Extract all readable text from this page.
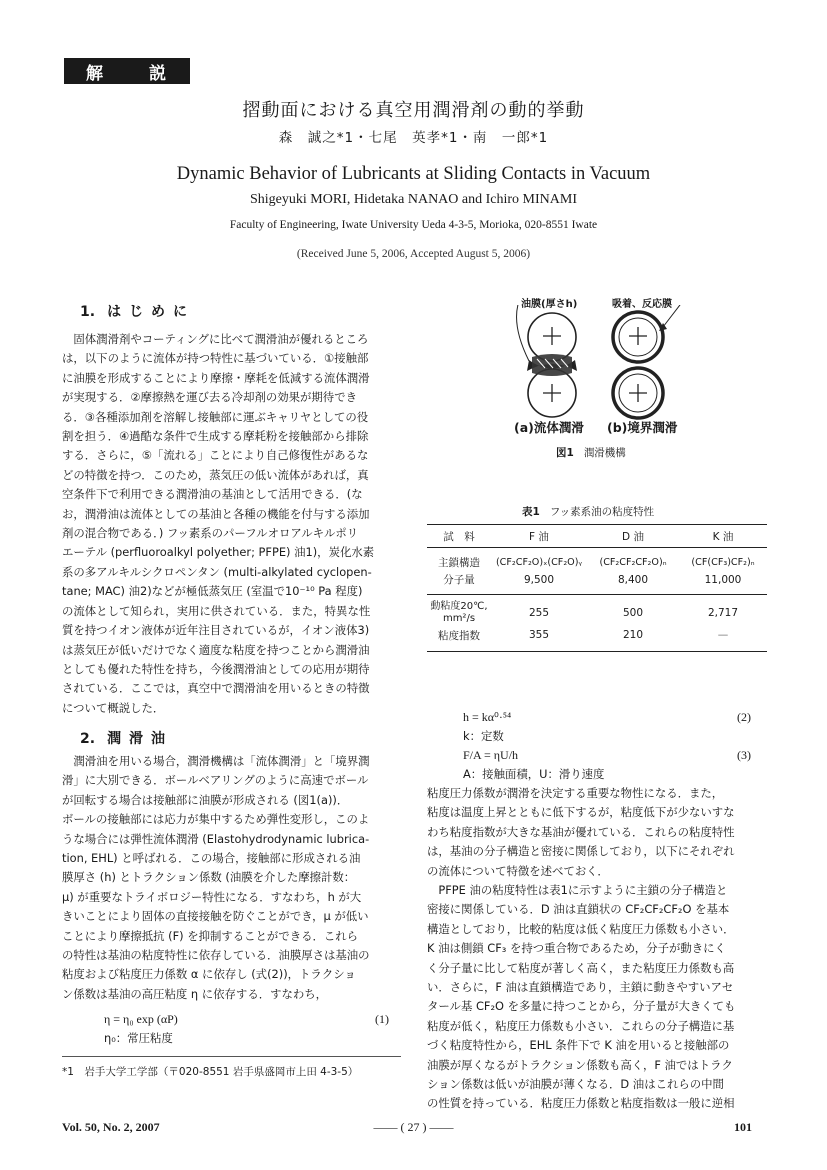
解	説
摺動面における真空用潤滑剤の動的挙動
森　誠之*1・七尾　英孝*1・南　一郎*1
Dynamic Behavior of Lubricants at Sliding Contacts in Vacuum
Shigeyuki MORI, Hidetaka NANAO and Ichiro MINAMI
Faculty of Engineering, Iwate University Ueda 4-3-5, Morioka, 020-8551 Iwate
(Received June 5, 2006, Accepted August 5, 2006)
1. はじめに
固体潤滑剤やコーティングに比べて潤滑油が優れるところ
は，以下のように流体が持つ特性に基づいている．①接触部
に油膜を形成することにより摩擦・摩耗を低減する流体潤滑
が実現する．②摩擦熱を運び去る冷却剤の効果が期待でき
る．③各種添加剤を溶解し接触部に運ぶキャリヤとしての役
割を担う．④過酷な条件で生成する摩耗粉を接触部から排除
する．さらに，⑤「流れる」ことにより自己修復性があるな
どの特徴を持つ．このため，蒸気圧の低い流体があれば，真
空条件下で利用できる潤滑油の基油として活用できる．(な
お，潤滑油は流体としての基油と各種の機能を付与する添加
剤の混合物である．) フッ素系のパーフルオロアルキルポリ
エーテル (perfluoroalkyl polyether; PFPE) 油1)，炭化水素
系の多アルキルシクロペンタン (multi-alkylated cyclopen-
tane; MAC) 油2)などが極低蒸気圧 (室温で10⁻¹⁰ Pa 程度)
の流体として知られ，実用に供されている．また，特異な性
質を持つイオン液体が近年注目されているが，イオン液体3)
は蒸気圧が低いだけでなく適度な粘度を持つことから潤滑油
としても優れた特性を持ち，今後潤滑油としての応用が期待
されている．ここでは，真空中で潤滑油を用いるときの特徴
について概説した．
2. 潤滑油
潤滑油を用いる場合，潤滑機構は「流体潤滑」と「境界潤
滑」に大別できる．ボールベアリングのように高速でボール
が回転する場合は接触部に油膜が形成される (図1(a))．
ボールの接触部には応力が集中するため弾性変形し，このよ
うな場合には弾性流体潤滑 (Elastohydrodynamic lubrica-
tion, EHL) と呼ばれる．この場合，接触部に形成される油
膜厚さ (h) とトラクション係数 (油膜を介した摩擦計数：
μ) が重要なトライボロジー特性になる．すなわち，h が大
きいことにより固体の直接接触を防ぐことができ，μ が低い
ことにより摩擦抵抗 (F) を抑制することができる．これら
の特性は基油の粘度特性に依存している．油膜厚さは基油の
粘度および粘度圧力係数 α に依存し (式(2))，トラクショ
ン係数は基油の高圧粘度 η に依存する．すなわち，
η = η₀ exp (αP)	(1)
η₀：常圧粘度
*1　岩手大学工学部（〒020-8551 岩手県盛岡市上田 4-3-5）
油膜(厚さh)	吸着、反応膜
(a)流体潤滑 (b)境界潤滑
図1 潤滑機構
表1 フッ素系油の粘度特性
試　料	F 油	D 油	K 油
主鎖構造	(CF₂CF₂O)ₓ(CF₂O)ᵧ	(CF₂CF₂CF₂O)ₙ	(CF(CF₃)CF₂)ₙ
分子量	9,500	8,400	11,000
動粘度20℃, mm²/s	255	500	2,717
粘度指数	355	210	—
h = kα⁰·⁵⁴	(2)
k：定数
F/A = ηU/h	(3)
A：接触面積，U：滑り速度
粘度圧力係数が潤滑を決定する重要な物性になる．また，
粘度は温度上昇とともに低下するが，粘度低下が少ないすな
わち粘度指数が大きな基油が優れている．これらの粘度特性
は，基油の分子構造と密接に関係しており，以下にそれぞれ
の流体について特徴を述べておく．
PFPE 油の粘度特性は表1に示すように主鎖の分子構造と
密接に関係している．D 油は直鎖状の CF₂CF₂CF₂O を基本
構造としており，比較的粘度は低く粘度圧力係数も小さい．
K 油は側鎖 CF₃ を持つ重合物であるため，分子が動きにく
く分子量に比して粘度が著しく高く，また粘度圧力係数も高
い．さらに，F 油は直鎖構造であり，主鎖に動きやすいアセ
タール基 CF₂O を多量に持つことから，分子量が大きくても
粘度が低く，粘度圧力係数も小さい．これらの分子構造に基
づく粘度特性から，EHL 条件下で K 油を用いると接触部の
油膜が厚くなるがトラクション係数も高く，F 油ではトラク
ション係数は低いが油膜が薄くなる．D 油はこれらの中間
の性質を持っている．粘度圧力係数と粘度指数は一般に逆相
Vol. 50, No. 2, 2007	—— ( 27 ) ——	101
